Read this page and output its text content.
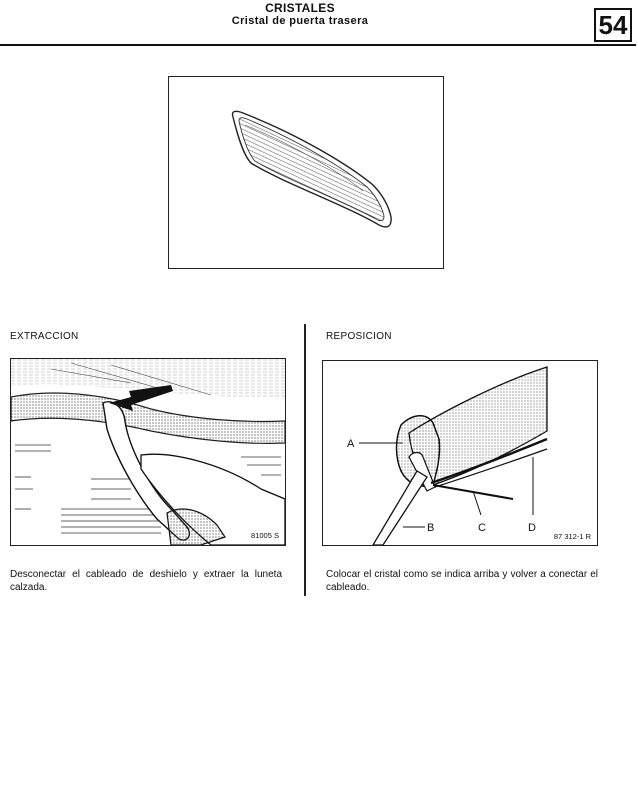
CRISTALES
Cristal de puerta trasera	54
EXTRACCION
81005 S
Desconectar el cableado de deshielo y extraer la luneta calzada.
REPOSICION
A
B	C	D
87 312-1 R
Colocar el cristal como se indica arriba y volver a conectar el cableado.
